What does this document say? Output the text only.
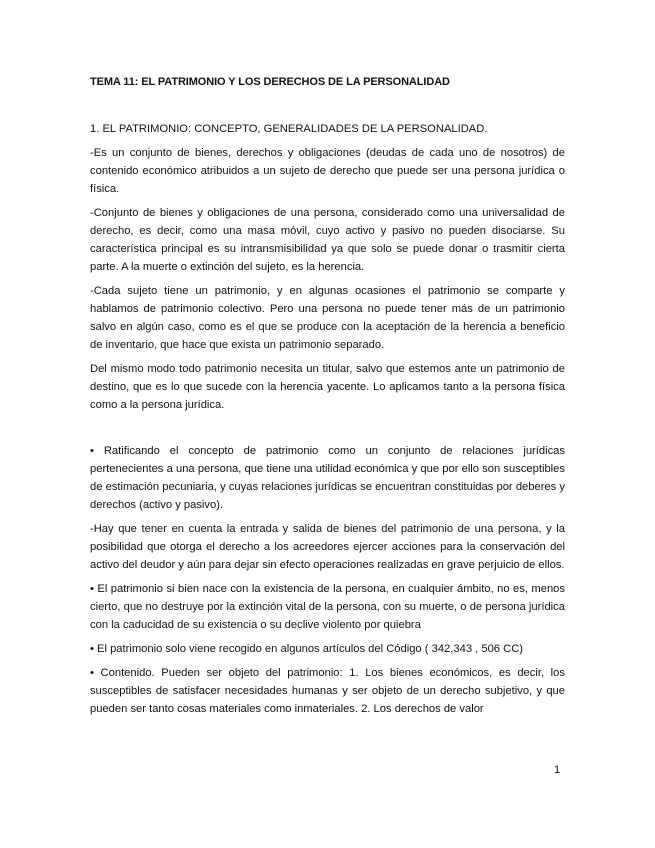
TEMA 11: EL PATRIMONIO Y LOS DERECHOS DE LA PERSONALIDAD
1. EL PATRIMONIO: CONCEPTO, GENERALIDADES DE LA PERSONALIDAD.

-Es un conjunto de bienes, derechos y obligaciones (deudas de cada uno de nosotros) de contenido económico atribuidos a un sujeto de derecho que puede ser una persona jurídica o física.

-Conjunto de bienes y obligaciones de una persona, considerado como una universalidad de derecho, es decir, como una masa móvil, cuyo activo y pasivo no pueden disociarse. Su característica principal es su intransmisibilidad ya que solo se puede donar o trasmitir cierta parte. A la muerte o extinción del sujeto, es la herencia.

-Cada sujeto tiene un patrimonio, y en algunas ocasiones el patrimonio se comparte y hablamos de patrimonio colectivo. Pero una persona no puede tener más de un patrimonio salvo en algún caso, como es el que se produce con la aceptación de la herencia a beneficio de inventario, que hace que exista un patrimonio separado.

Del mismo modo todo patrimonio necesita un titular, salvo que estemos ante un patrimonio de destino, que es lo que sucede con la herencia yacente. Lo aplicamos tanto a la persona física como a la persona jurídica.

• Ratificando el concepto de patrimonio como un conjunto de relaciones jurídicas pertenecientes a una persona, que tiene una utilidad económica y que por ello son susceptibles de estimación pecuniaria, y cuyas relaciones jurídicas se encuentran constituidas por deberes y derechos (activo y pasivo).

-Hay que tener en cuenta la entrada y salida de bienes del patrimonio de una persona, y la posibilidad que otorga el derecho a los acreedores ejercer acciones para la conservación del activo del deudor y aún para dejar sin efecto operaciones realizadas en grave perjuicio de ellos.

• El patrimonio si bien nace con la existencia de la persona, en cualquier ámbito, no es, menos cierto, que no destruye por la extinción vital de la persona, con su muerte, o de persona jurídica con la caducidad de su existencia o su declive violento por quiebra

• El patrimonio solo viene recogido en algunos artículos del Código ( 342,343 , 506 CC)

• Contenido. Pueden ser objeto del patrimonio: 1. Los bienes económicos, es decir, los susceptibles de satisfacer necesidades humanas y ser objeto de un derecho subjetivo, y que pueden ser tanto cosas materiales como inmateriales. 2. Los derechos de valor

1
